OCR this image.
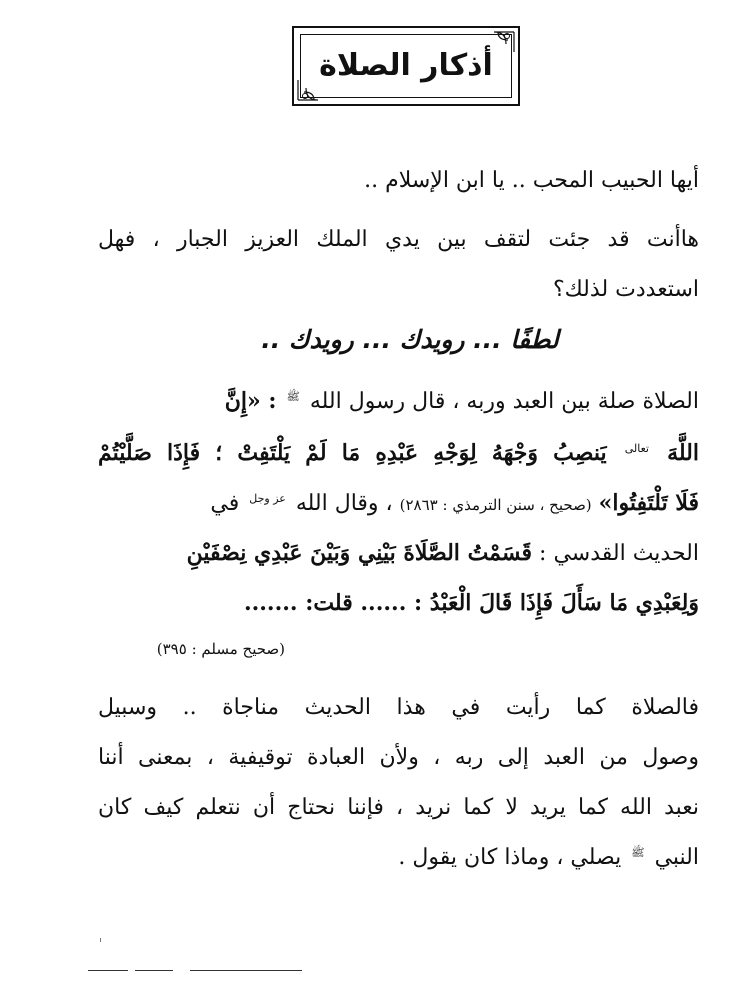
أذكار الصلاة
أيها الحبيب المحب .. يا ابن الإسلام ..
هاأنت قد جئت لتقف بين يدي الملك العزيز الجبار ، فهل
استعددت لذلك؟
لطفًا ... رويدك ... رويدك ..
الصلاة صلة بين العبد وربه ، قال رسول الله ﷺ : «إِنَّ
اللَّهَ تعالى يَنصِبُ وَجْهَهُ لِوَجْهِ عَبْدِهِ مَا لَمْ يَلْتَفِتْ ؛ فَإِذَا صَلَّيْتُمْ
فَلَا تَلْتَفِتُوا» (صحيح ، سنن الترمذي : ٢٨٦٣) ، وقال الله عز وجل في
الحديث القدسي : قَسَمْتُ الصَّلَاةَ بَيْنِي وَبَيْنَ عَبْدِي نِصْفَيْنِ
وَلِعَبْدِي مَا سَأَلَ فَإِذَا قَالَ الْعَبْدُ : ...... قلت: .......
(صحيح مسلم : ٣٩٥)
فالصلاة كما رأيت في هذا الحديث مناجاة .. وسبيل
وصول من العبد إلى ربه ، ولأن العبادة توقيفية ، بمعنى أننا
نعبد الله كما يريد لا كما نريد ، فإننا نحتاج أن نتعلم كيف كان
النبي ﷺ يصلي ، وماذا كان يقول .
